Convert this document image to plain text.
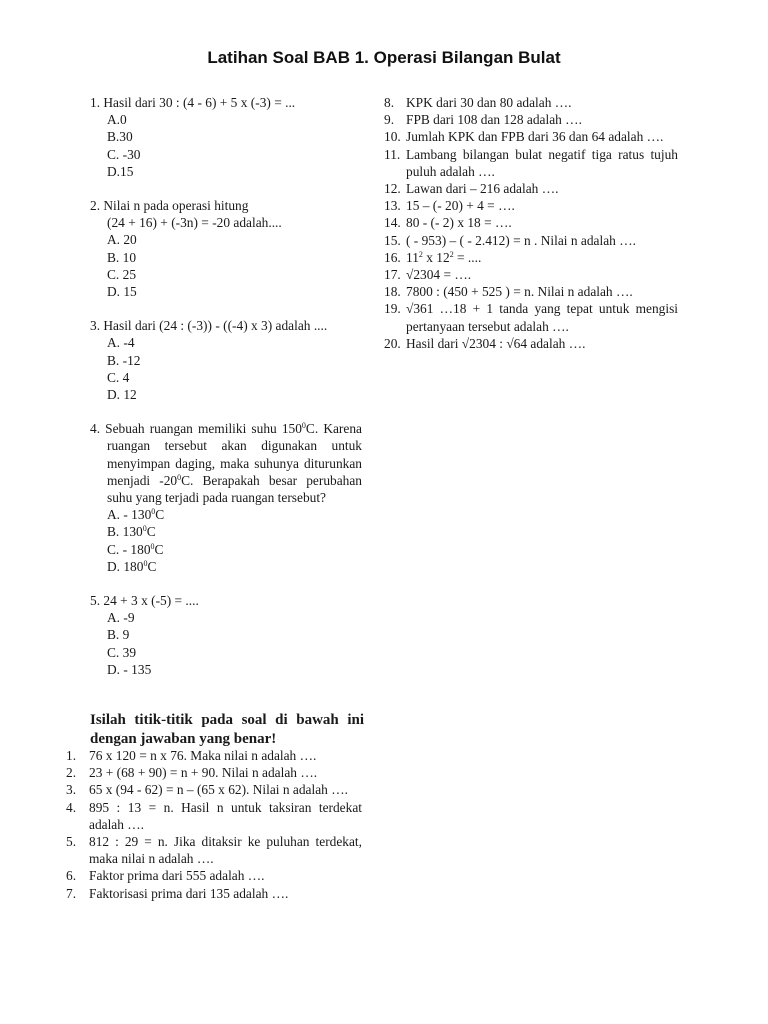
Latihan Soal BAB 1. Operasi Bilangan Bulat
1. Hasil dari 30 : (4 - 6) + 5 x (-3) = ...
A.0
B.30
C. -30
D.15
2. Nilai n pada operasi hitung
(24 + 16) + (-3n) = -20 adalah....
A. 20
B. 10
C. 25
D. 15
3. Hasil dari (24 : (-3)) - ((-4) x 3) adalah ....
A. -4
B. -12
C. 4
D. 12
4. Sebuah ruangan memiliki suhu $150^0C$. Karena ruangan tersebut akan digunakan untuk menyimpan daging, maka suhunya diturunkan menjadi $-20^0C$. Berapakah besar perubahan suhu yang terjadi pada ruangan tersebut?
A. - $130^0C$
B. $130^0C$
C. - $180^0C$
D. $180^0C$
5. 24 + 3 x (-5) = ....
A. -9
B. 9
C. 39
D. - 135
Isilah titik-titik pada soal di bawah ini dengan jawaban yang benar!
1. 76 x 120 = n x 76. Maka nilai n adalah ….
2. 23 + (68 + 90) = n + 90. Nilai n adalah ….
3. 65 x (94 - 62) = n – (65 x 62). Nilai n adalah ….
4. 895 : 13 = n. Hasil n untuk taksiran terdekat adalah ….
5. 812 : 29 = n. Jika ditaksir ke puluhan terdekat, maka nilai n adalah ….
6. Faktor prima dari 555 adalah ….
7. Faktorisasi prima dari 135 adalah ….
8. KPK dari 30 dan 80 adalah ….
9. FPB dari 108 dan 128 adalah ….
10. Jumlah KPK dan FPB dari 36 dan 64 adalah ….
11. Lambang bilangan bulat negatif tiga ratus tujuh puluh adalah ….
12. Lawan dari – 216 adalah ….
13. 15 – (- 20) + 4 = ….
14. 80 - (- 2) x 18 = ….
15. ( - 953) – ( - 2.412) = n . Nilai n adalah ….
16. $11^2$ x $12^2$ = ....
17. √2304 = ….
18. 7800 : (450 + 525 ) = n. Nilai n adalah ….
19. √361 …18 + 1 tanda yang tepat untuk mengisi pertanyaan tersebut adalah ….
20. Hasil dari √2304 : √64 adalah ….
